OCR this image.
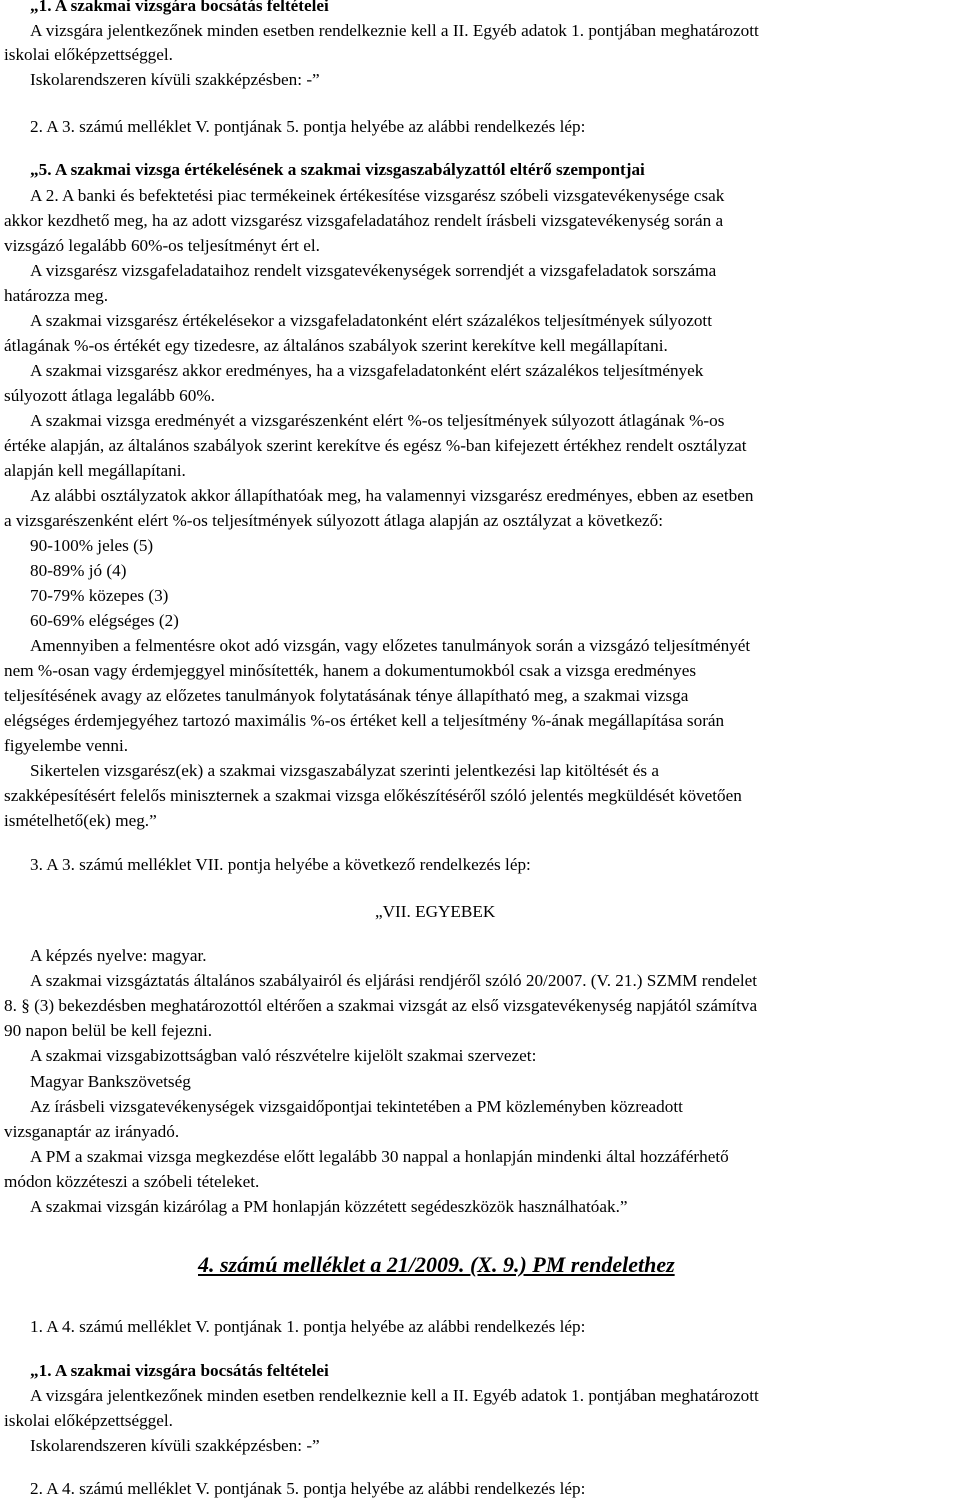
„1. A szakmai vizsgára bocsátás feltételei
A vizsgára jelentkezőnek minden esetben rendelkeznie kell a II. Egyéb adatok 1. pontjában meghatározott
iskolai előképzettséggel.
Iskolarendszeren kívüli szakképzésben: -”
2. A 3. számú melléklet V. pontjának 5. pontja helyébe az alábbi rendelkezés lép:
„5. A szakmai vizsga értékelésének a szakmai vizsgaszabályzattól eltérő szempontjai
A 2. A banki és befektetési piac termékeinek értékesítése vizsgarész szóbeli vizsgatevékenysége csak
akkor kezdhető meg, ha az adott vizsgarész vizsgafeladatához rendelt írásbeli vizsgatevékenység során a
vizsgázó legalább 60%-os teljesítményt ért el.
A vizsgarész vizsgafeladataihoz rendelt vizsgatevékenységek sorrendjét a vizsgafeladatok sorszáma
határozza meg.
A szakmai vizsgarész értékelésekor a vizsgafeladatonként elért százalékos teljesítmények súlyozott
átlagának %-os értékét egy tizedesre, az általános szabályok szerint kerekítve kell megállapítani.
A szakmai vizsgarész akkor eredményes, ha a vizsgafeladatonként elért százalékos teljesítmények
súlyozott átlaga legalább 60%.
A szakmai vizsga eredményét a vizsgarészenként elért %-os teljesítmények súlyozott átlagának %-os
értéke alapján, az általános szabályok szerint kerekítve és egész %-ban kifejezett értékhez rendelt osztályzat
alapján kell megállapítani.
Az alábbi osztályzatok akkor állapíthatóak meg, ha valamennyi vizsgarész eredményes, ebben az esetben
a vizsgarészenként elért %-os teljesítmények súlyozott átlaga alapján az osztályzat a következő:
90-100% jeles (5)
80-89% jó (4)
70-79% közepes (3)
60-69% elégséges (2)
Amennyiben a felmentésre okot adó vizsgán, vagy előzetes tanulmányok során a vizsgázó teljesítményét
nem %-osan vagy érdemjeggyel minősítették, hanem a dokumentumokból csak a vizsga eredményes
teljesítésének avagy az előzetes tanulmányok folytatásának ténye állapítható meg, a szakmai vizsga
elégséges érdemjegyéhez tartozó maximális %-os értéket kell a teljesítmény %-ának megállapítása során
figyelembe venni.
Sikertelen vizsgarész(ek) a szakmai vizsgaszabályzat szerinti jelentkezési lap kitöltését és a
szakképesítésért felelős miniszternek a szakmai vizsga előkészítéséről szóló jelentés megküldését követően
ismételhető(ek) meg.”
3. A 3. számú melléklet VII. pontja helyébe a következő rendelkezés lép:
„VII. EGYEBEK
A képzés nyelve: magyar.
A szakmai vizsgáztatás általános szabályairól és eljárási rendjéről szóló 20/2007. (V. 21.) SZMM rendelet
8. § (3) bekezdésben meghatározottól eltérően a szakmai vizsgát az első vizsgatevékenység napjától számítva
90 napon belül be kell fejezni.
A szakmai vizsgabizottságban való részvételre kijelölt szakmai szervezet:
Magyar Bankszövetség
Az írásbeli vizsgatevékenységek vizsgaidőpontjai tekintetében a PM közleményben közreadott
vizsganaptár az irányadó.
A PM a szakmai vizsga megkezdése előtt legalább 30 nappal a honlapján mindenki által hozzáférhető
módon közzéteszi a szóbeli tételeket.
A szakmai vizsgán kizárólag a PM honlapján közzétett segédeszközök használhatóak.”
4. számú melléklet a 21/2009. (X. 9.) PM rendelethez
1. A 4. számú melléklet V. pontjának 1. pontja helyébe az alábbi rendelkezés lép:
„1. A szakmai vizsgára bocsátás feltételei
A vizsgára jelentkezőnek minden esetben rendelkeznie kell a II. Egyéb adatok 1. pontjában meghatározott
iskolai előképzettséggel.
Iskolarendszeren kívüli szakképzésben: -”
2. A 4. számú melléklet V. pontjának 5. pontja helyébe az alábbi rendelkezés lép:
